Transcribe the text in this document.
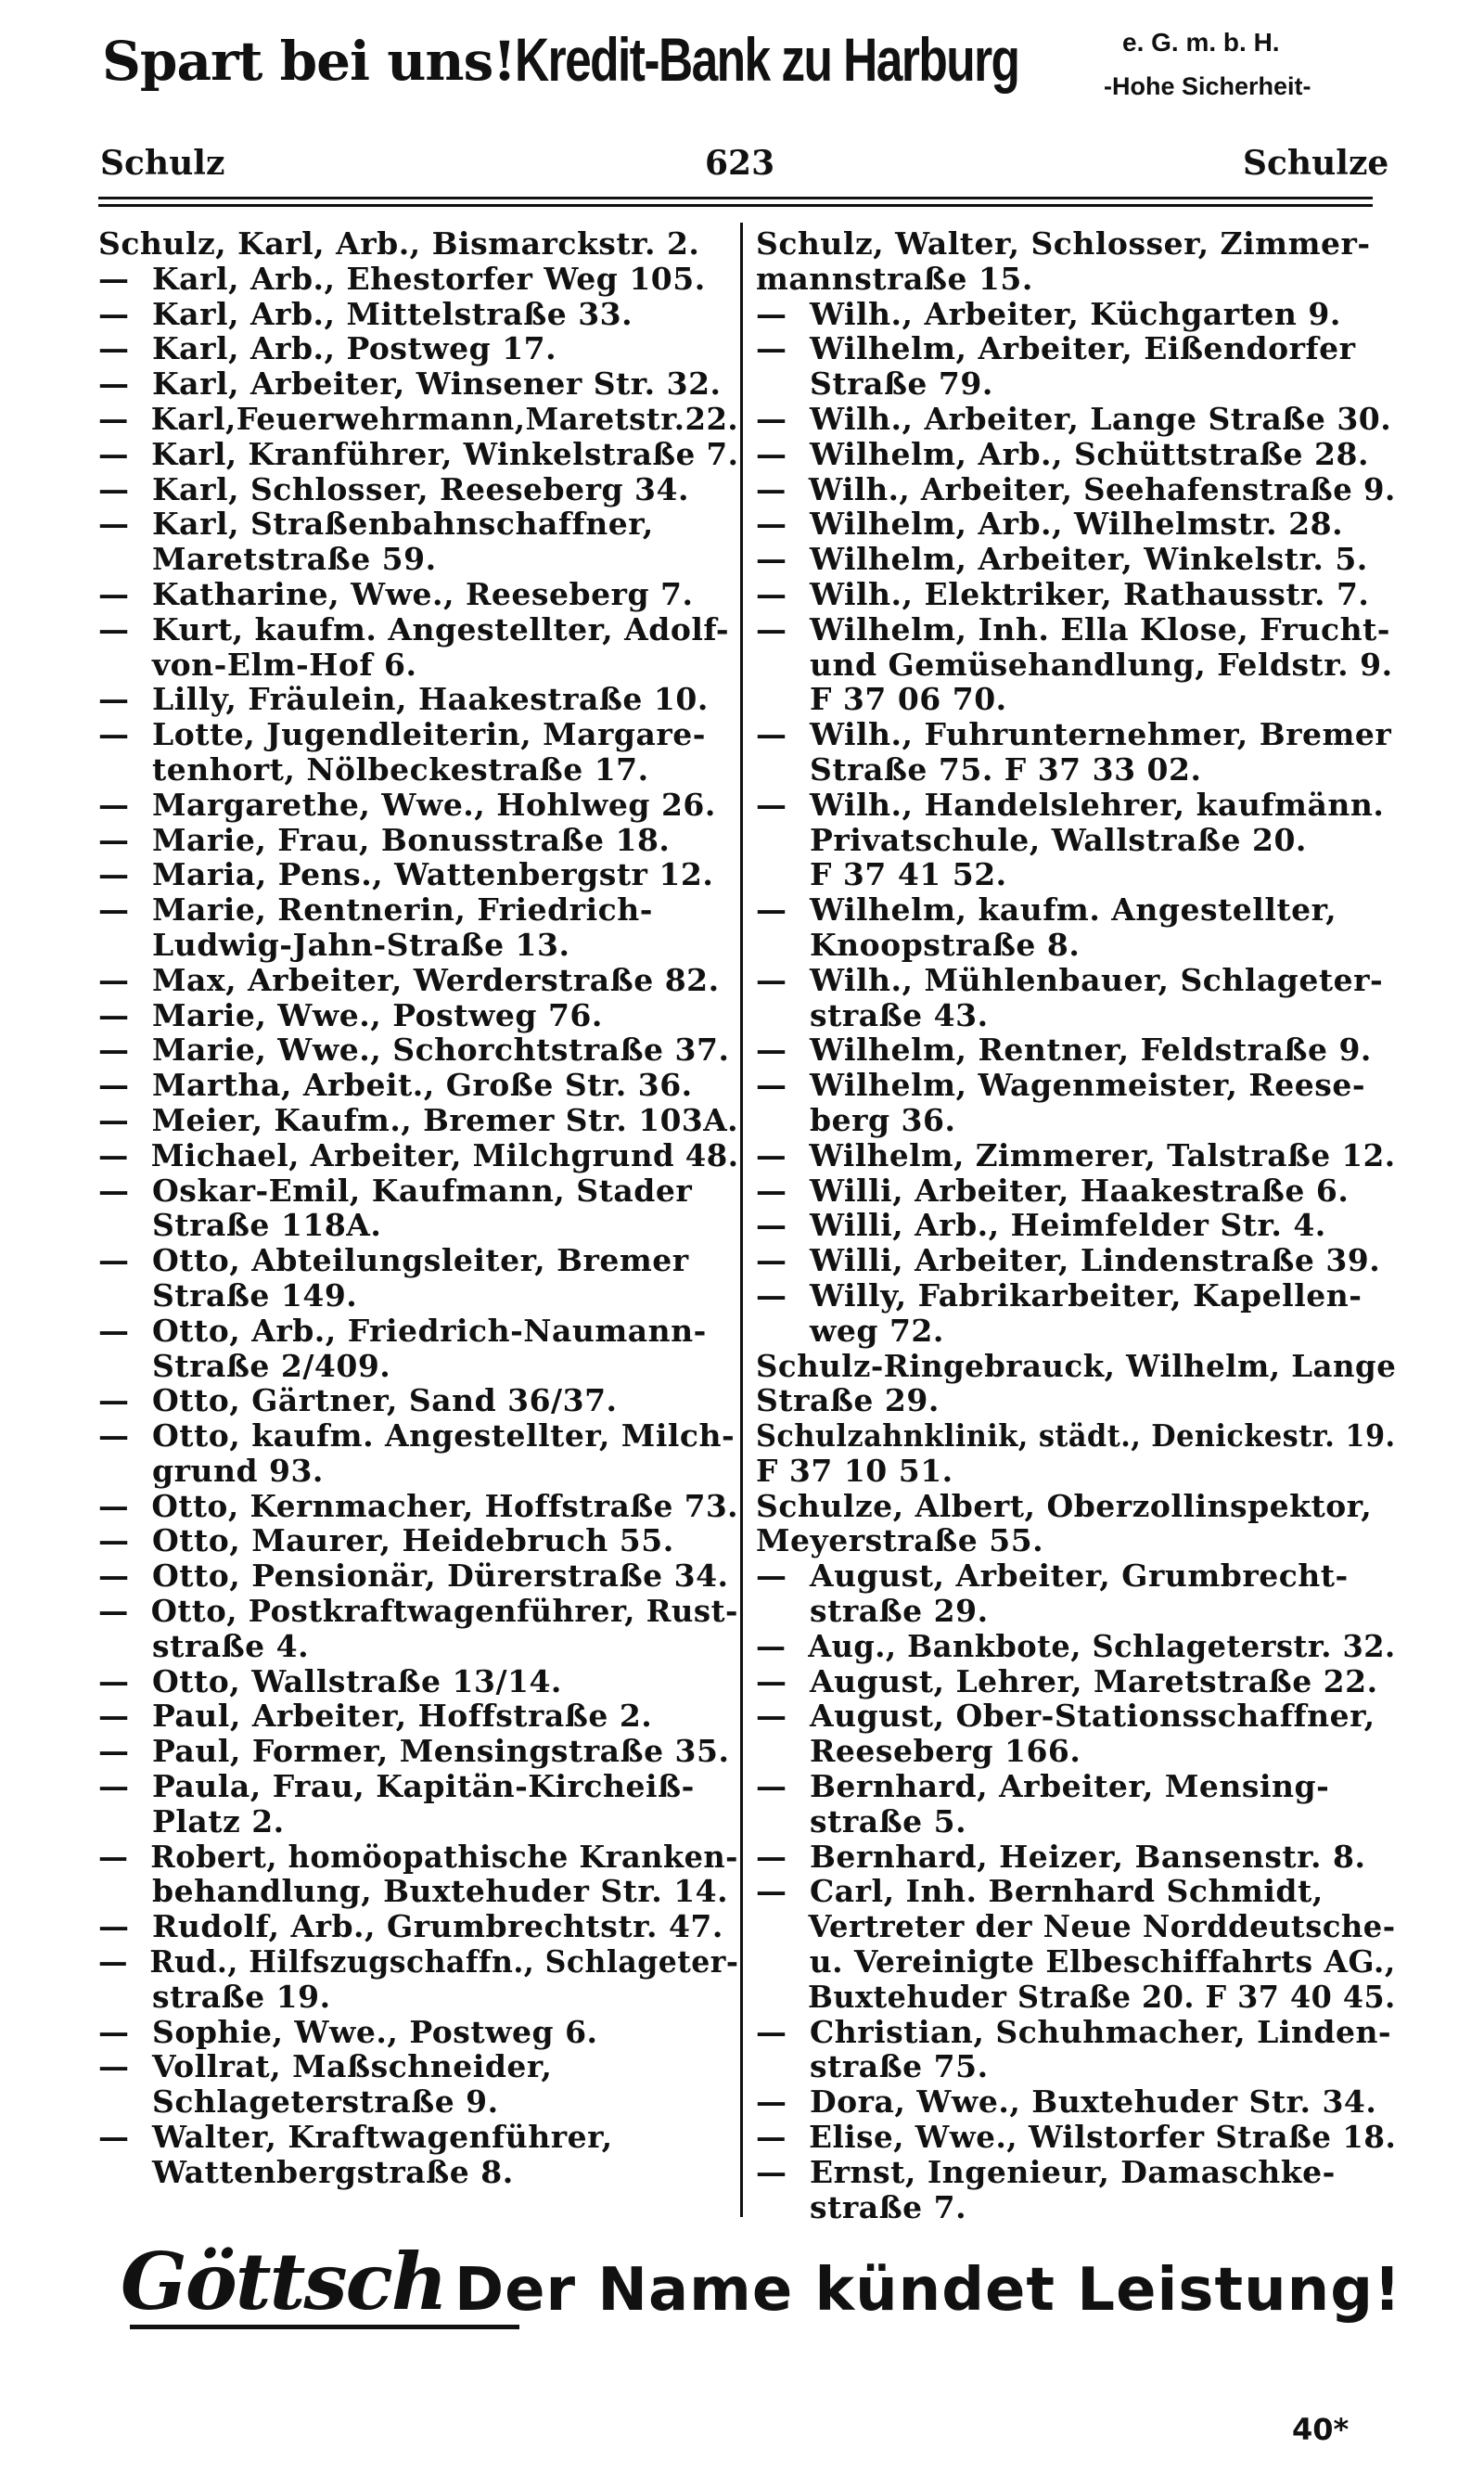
Spart bei uns! Kredit-Bank zu Harburg	e. G. m. b. H.
-Hohe Sicherheit-
Schulz	623	Schulze
Schulz, Karl, Arb., Bismarckstr. 2.
— Karl, Arb., Ehestorfer Weg 105.
— Karl, Arb., Mittelstraße 33.
— Karl, Arb., Postweg 17.
— Karl, Arbeiter, Winsener Str. 32.
— Karl,Feuerwehrmann,Maretstr.22.
— Karl, Kranführer, Winkelstraße 7.
— Karl, Schlosser, Reeseberg 34.
— Karl, Straßenbahnschaffner,
Maretstraße 59.
— Katharine, Wwe., Reeseberg 7.
— Kurt, kaufm. Angestellter, Adolf-
von-Elm-Hof 6.
— Lilly, Fräulein, Haakestraße 10.
— Lotte, Jugendleiterin, Margare-
tenhort, Nölbeckestraße 17.
— Margarethe, Wwe., Hohlweg 26.
— Marie, Frau, Bonusstraße 18.
— Maria, Pens., Wattenbergstr 12.
— Marie, Rentnerin, Friedrich-
Ludwig-Jahn-Straße 13.
— Max, Arbeiter, Werderstraße 82.
— Marie, Wwe., Postweg 76.
— Marie, Wwe., Schorchtstraße 37.
— Martha, Arbeit., Große Str. 36.
— Meier, Kaufm., Bremer Str. 103A.
— Michael, Arbeiter, Milchgrund 48.
— Oskar-Emil, Kaufmann, Stader
Straße 118A.
— Otto, Abteilungsleiter, Bremer
Straße 149.
— Otto, Arb., Friedrich-Naumann-
Straße 2/409.
— Otto, Gärtner, Sand 36/37.
— Otto, kaufm. Angestellter, Milch-
grund 93.
— Otto, Kernmacher, Hoffstraße 73.
— Otto, Maurer, Heidebruch 55.
— Otto, Pensionär, Dürerstraße 34.
— Otto, Postkraftwagenführer, Rust-
straße 4.
— Otto, Wallstraße 13/14.
— Paul, Arbeiter, Hoffstraße 2.
— Paul, Former, Mensingstraße 35.
— Paula, Frau, Kapitän-Kircheiß-
Platz 2.
— Robert, homöopathische Kranken-
behandlung, Buxtehuder Str. 14.
— Rudolf, Arb., Grumbrechtstr. 47.
— Rud., Hilfszugschaffn., Schlageter-
straße 19.
— Sophie, Wwe., Postweg 6.
— Vollrat, Maßschneider,
Schlageterstraße 9.
— Walter, Kraftwagenführer,
Wattenbergstraße 8.
Schulz, Walter, Schlosser, Zimmer-
mannstraße 15.
— Wilh., Arbeiter, Küchgarten 9.
— Wilhelm, Arbeiter, Eißendorfer
Straße 79.
— Wilh., Arbeiter, Lange Straße 30.
— Wilhelm, Arb., Schüttstraße 28.
— Wilh., Arbeiter, Seehafenstraße 9.
— Wilhelm, Arb., Wilhelmstr. 28.
— Wilhelm, Arbeiter, Winkelstr. 5.
— Wilh., Elektriker, Rathausstr. 7.
— Wilhelm, Inh. Ella Klose, Frucht-
und Gemüsehandlung, Feldstr. 9.
F 37 06 70.
— Wilh., Fuhrunternehmer, Bremer
Straße 75. F 37 33 02.
— Wilh., Handelslehrer, kaufmänn.
Privatschule, Wallstraße 20.
F 37 41 52.
— Wilhelm, kaufm. Angestellter,
Knoopstraße 8.
— Wilh., Mühlenbauer, Schlageter-
straße 43.
— Wilhelm, Rentner, Feldstraße 9.
— Wilhelm, Wagenmeister, Reese-
berg 36.
— Wilhelm, Zimmerer, Talstraße 12.
— Willi, Arbeiter, Haakestraße 6.
— Willi, Arb., Heimfelder Str. 4.
— Willi, Arbeiter, Lindenstraße 39.
— Willy, Fabrikarbeiter, Kapellen-
weg 72.
Schulz-Ringebrauck, Wilhelm, Lange
Straße 29.
Schulzahnklinik, städt., Denickestr. 19.
F 37 10 51.
Schulze, Albert, Oberzollinspektor,
Meyerstraße 55.
— August, Arbeiter, Grumbrecht-
straße 29.
— Aug., Bankbote, Schlageterstr. 32.
— August, Lehrer, Maretstraße 22.
— August, Ober-Stationsschaffner,
Reeseberg 166.
— Bernhard, Arbeiter, Mensing-
straße 5.
— Bernhard, Heizer, Bansenstr. 8.
— Carl, Inh. Bernhard Schmidt,
Vertreter der Neue Norddeutsche-
u. Vereinigte Elbeschiffahrts AG.,
Buxtehuder Straße 20. F 37 40 45.
— Christian, Schuhmacher, Linden-
straße 75.
— Dora, Wwe., Buxtehuder Str. 34.
— Elise, Wwe., Wilstorfer Straße 18.
— Ernst, Ingenieur, Damaschke-
straße 7.
Göttsch Der Name kündet Leistung!
40*
